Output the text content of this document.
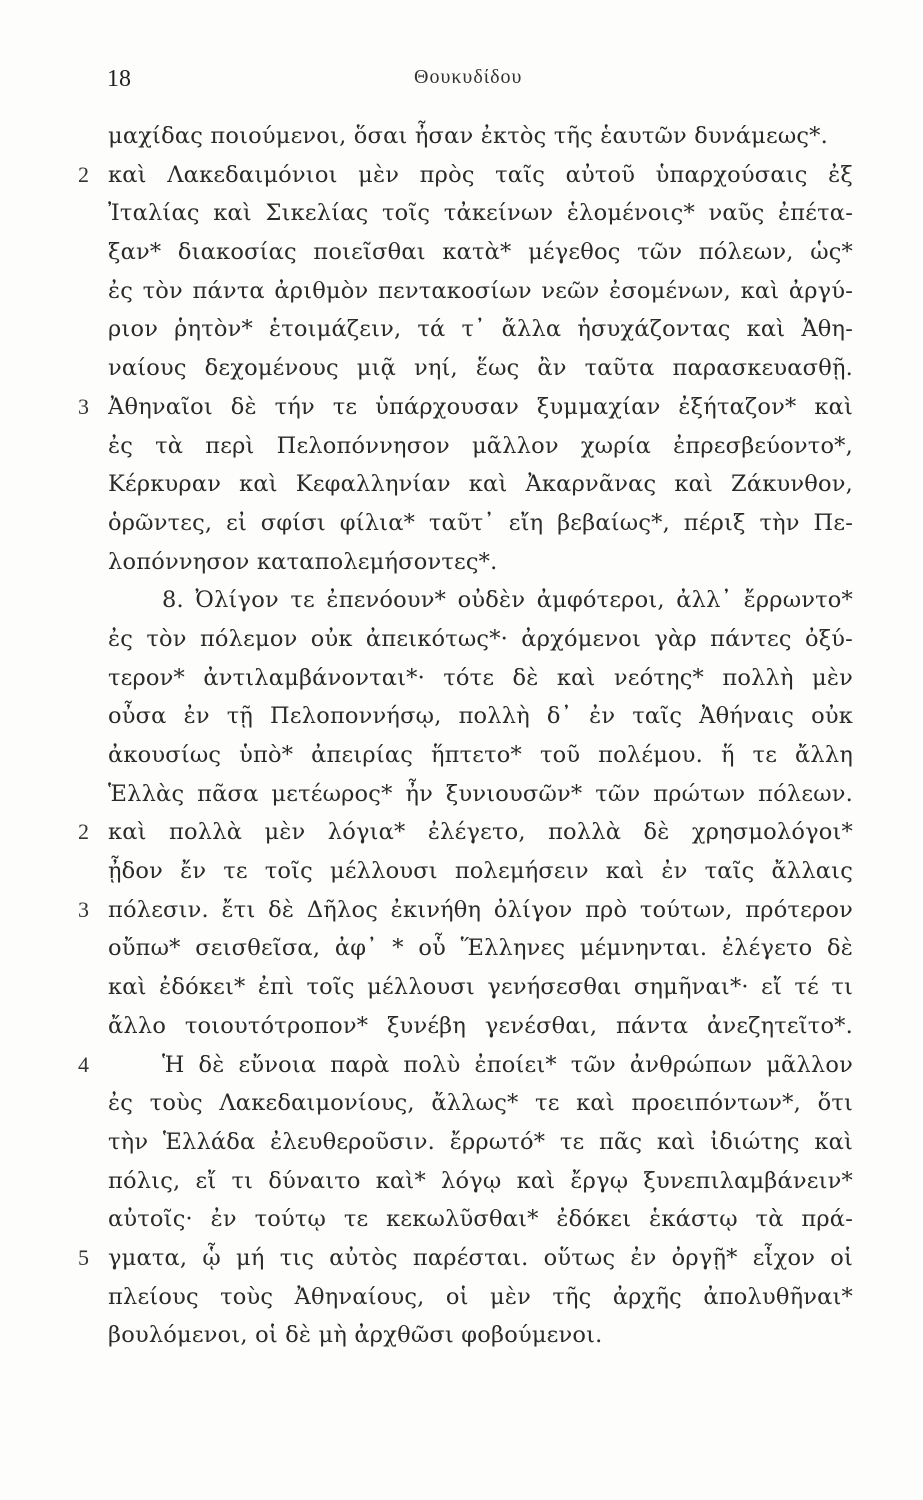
18	Θουκυδίδου
μαχίδας ποιούμενοι, ὅσαι ἦσαν ἐκτὸς τῆς ἑαυτῶν δυνάμεως*.
2 καὶ Λακεδαιμόνιοι μὲν πρὸς ταῖς αὐτοῦ ὑπαρχούσαις ἐξ
Ἰταλίας καὶ Σικελίας τοῖς τἀκείνων ἑλομένοις* ναῦς ἐπέτα-
ξαν* διακοσίας ποιεῖσθαι κατὰ* μέγεθος τῶν πόλεων, ὡς*
ἐς τὸν πάντα ἀριθμὸν πεντακοσίων νεῶν ἐσομένων, καὶ ἀργύ-
ριον ῥητὸν* ἑτοιμάζειν, τά τ᾿ ἄλλα ἡσυχάζοντας καὶ Ἀθη-
ναίους δεχομένους μιᾷ νηί, ἕως ἂν ταῦτα παρασκευασθῇ.
3 Ἀθηναῖοι δὲ τήν τε ὑπάρχουσαν ξυμμαχίαν ἐξήταζον* καὶ
ἐς τὰ περὶ Πελοπόννησον μᾶλλον χωρία ἐπρεσβεύοντο*,
Κέρκυραν καὶ Κεφαλληνίαν καὶ Ἀκαρνᾶνας καὶ Ζάκυνθον,
ὁρῶντες, εἰ σφίσι φίλια* ταῦτ᾿ εἴη βεβαίως*, πέριξ τὴν Πε-
λοπόννησον καταπολεμήσοντες*.
8. Ὀλίγον τε ἐπενόουν* οὐδὲν ἀμφότεροι, ἀλλ᾿ ἔρρωντο*
ἐς τὸν πόλεμον οὐκ ἀπεικότως*· ἀρχόμενοι γὰρ πάντες ὀξύ-
τερον* ἀντιλαμβάνονται*· τότε δὲ καὶ νεότης* πολλὴ μὲν
οὖσα ἐν τῇ Πελοποννήσῳ, πολλὴ δ᾿ ἐν ταῖς Ἀθήναις οὐκ
ἀκουσίως ὑπὸ* ἀπειρίας ἥπτετο* τοῦ πολέμου. ἥ τε ἄλλη
Ἑλλὰς πᾶσα μετέωρος* ἦν ξυνιουσῶν* τῶν πρώτων πόλεων.
2 καὶ πολλὰ μὲν λόγια* ἐλέγετο, πολλὰ δὲ χρησμολόγοι*
ᾖδον ἔν τε τοῖς μέλλουσι πολεμήσειν καὶ ἐν ταῖς ἄλλαις
3 πόλεσιν. ἔτι δὲ Δῆλος ἐκινήθη ὀλίγον πρὸ τούτων, πρότερον
οὔπω* σεισθεῖσα, ἀφ᾿ * οὗ Ἕλληνες μέμνηνται. ἐλέγετο δὲ
καὶ ἐδόκει* ἐπὶ τοῖς μέλλουσι γενήσεσθαι σημῆναι*· εἴ τέ τι
ἄλλο τοιουτότροπον* ξυνέβη γενέσθαι, πάντα ἀνεζητεῖτο*.
4	Ἡ δὲ εὔνοια παρὰ πολὺ ἐποίει* τῶν ἀνθρώπων μᾶλλον
ἐς τοὺς Λακεδαιμονίους, ἄλλως* τε καὶ προειπόντων*, ὅτι
τὴν Ἑλλάδα ἐλευθεροῦσιν. ἔρρωτό* τε πᾶς καὶ ἰδιώτης καὶ
πόλις, εἴ τι δύναιτο καὶ* λόγῳ καὶ ἔργῳ ξυνεπιλαμβάνειν*
αὐτοῖς· ἐν τούτῳ τε κεκωλῦσθαι* ἐδόκει ἑκάστῳ τὰ πρά-
5 γματα, ᾧ μή τις αὐτὸς παρέσται. οὕτως ἐν ὀργῇ* εἶχον οἱ
πλείους τοὺς Ἀθηναίους, οἱ μὲν τῆς ἀρχῆς ἀπολυθῆναι*
βουλόμενοι, οἱ δὲ μὴ ἀρχθῶσι φοβούμενοι.
